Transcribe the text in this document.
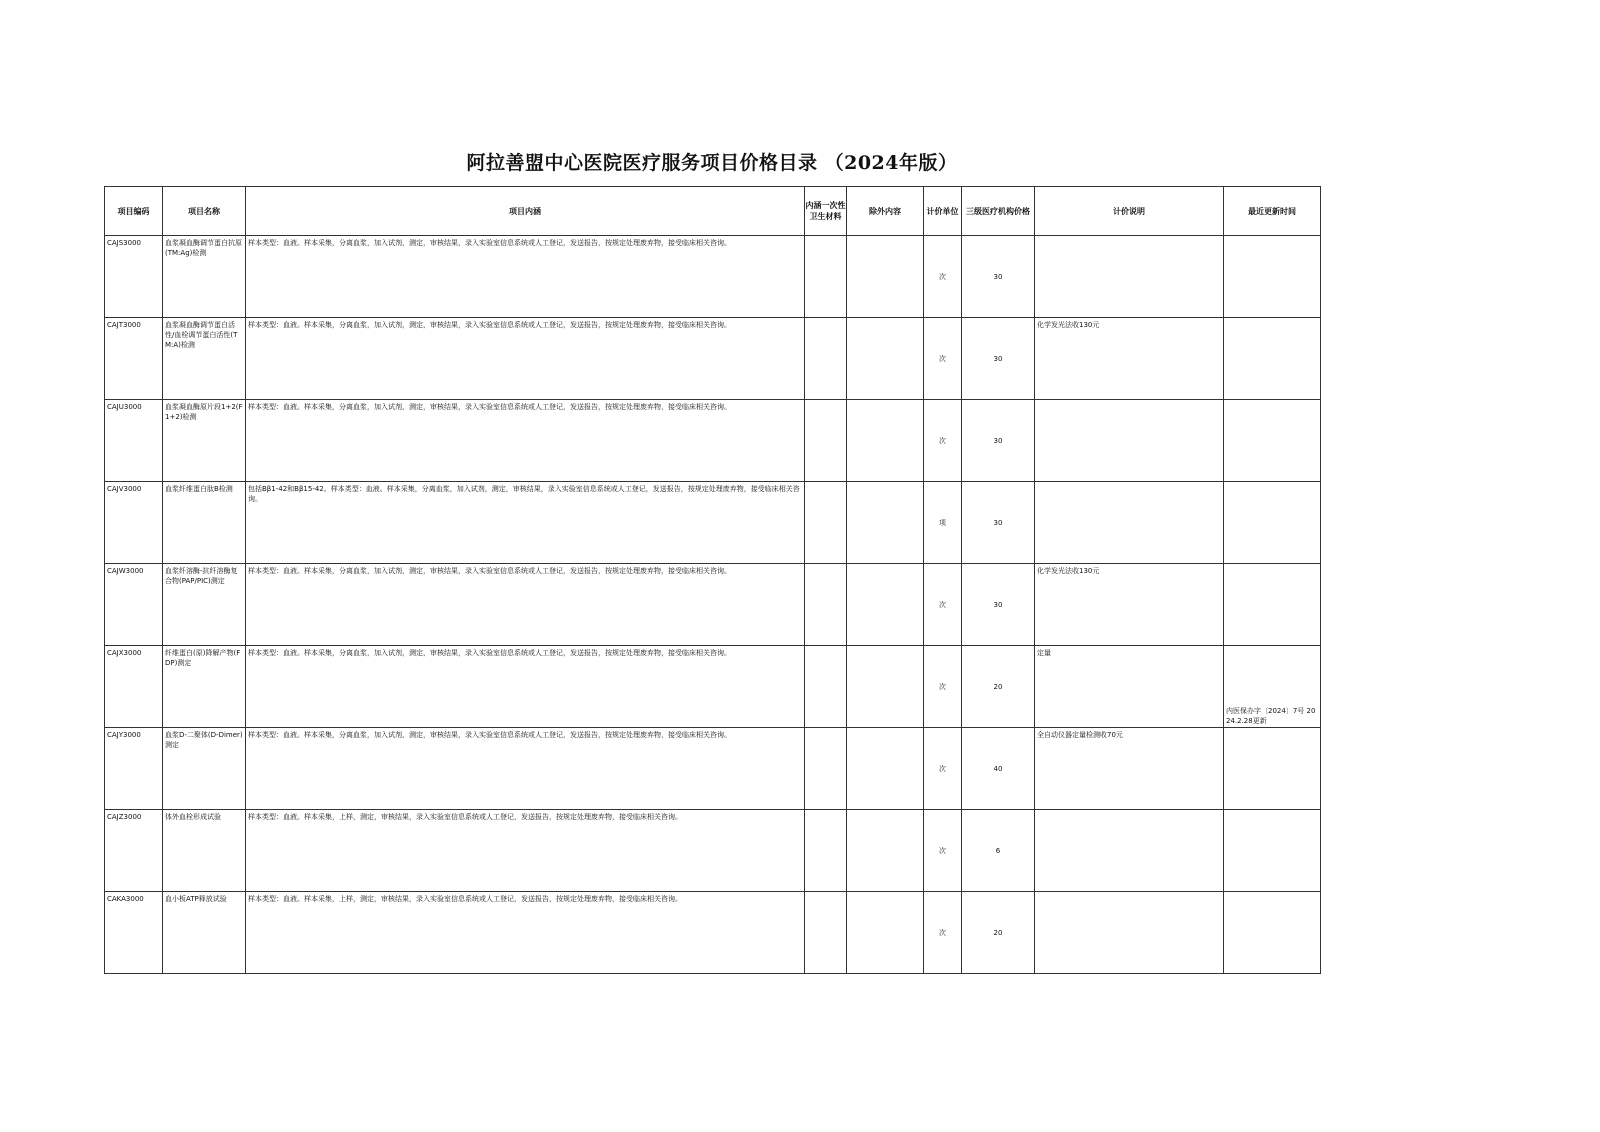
阿拉善盟中心医院医疗服务项目价格目录 （2024年版）
项目编码	项目名称	项目内涵	内涵一次性卫生材料	除外内容	计价单位	三级医疗机构价格	计价说明	最近更新时间
CAJS3000	血浆凝血酶调节蛋白抗原(TM:Ag)检测	样本类型：血液。样本采集，分离血浆，加入试剂，测定，审核结果，录入实验室信息系统或人工登记，发送报告，按规定处理废弃物，接受临床相关咨询。			次	30		
CAJT3000	血浆凝血酶调节蛋白活性/血栓调节蛋白活性(TM:A)检测	样本类型：血液。样本采集，分离血浆，加入试剂，测定，审核结果，录入实验室信息系统或人工登记，发送报告，按规定处理废弃物，接受临床相关咨询。			次	30	化学发光法收130元	
CAJU3000	血浆凝血酶原片段1+2(F1+2)检测	样本类型：血液。样本采集，分离血浆，加入试剂，测定，审核结果，录入实验室信息系统或人工登记，发送报告，按规定处理废弃物，接受临床相关咨询。			次	30		
CAJV3000	血浆纤维蛋白肽B检测	包括Bβ1-42和Bβ15-42。样本类型：血液。样本采集，分离血浆，加入试剂，测定，审核结果，录入实验室信息系统或人工登记，发送报告，按规定处理废弃物，接受临床相关咨询。			项	30		
CAJW3000	血浆纤溶酶-抗纤溶酶复合物(PAP/PIC)测定	样本类型：血液。样本采集，分离血浆，加入试剂，测定，审核结果，录入实验室信息系统或人工登记，发送报告，按规定处理废弃物，接受临床相关咨询。			次	30	化学发光法收130元	
CAJX3000	纤维蛋白(原)降解产物(FDP)测定	样本类型：血液。样本采集，分离血浆，加入试剂，测定，审核结果，录入实验室信息系统或人工登记，发送报告，按规定处理废弃物，接受临床相关咨询。			次	20	定量	内医保办字〔2024〕7号 2024.2.28更新
CAJY3000	血浆D-二聚体(D-Dimer)测定	样本类型：血液。样本采集，分离血浆，加入试剂，测定，审核结果，录入实验室信息系统或人工登记，发送报告，按规定处理废弃物，接受临床相关咨询。			次	40	全自动仪器定量检测收70元	
CAJZ3000	体外血栓形成试验	样本类型：血液。样本采集，上样，测定，审核结果，录入实验室信息系统或人工登记，发送报告，按规定处理废弃物，接受临床相关咨询。			次	6		
CAKA3000	血小板ATP释放试验	样本类型：血液。样本采集，上样，测定，审核结果，录入实验室信息系统或人工登记，发送报告，按规定处理废弃物，接受临床相关咨询。			次	20		
